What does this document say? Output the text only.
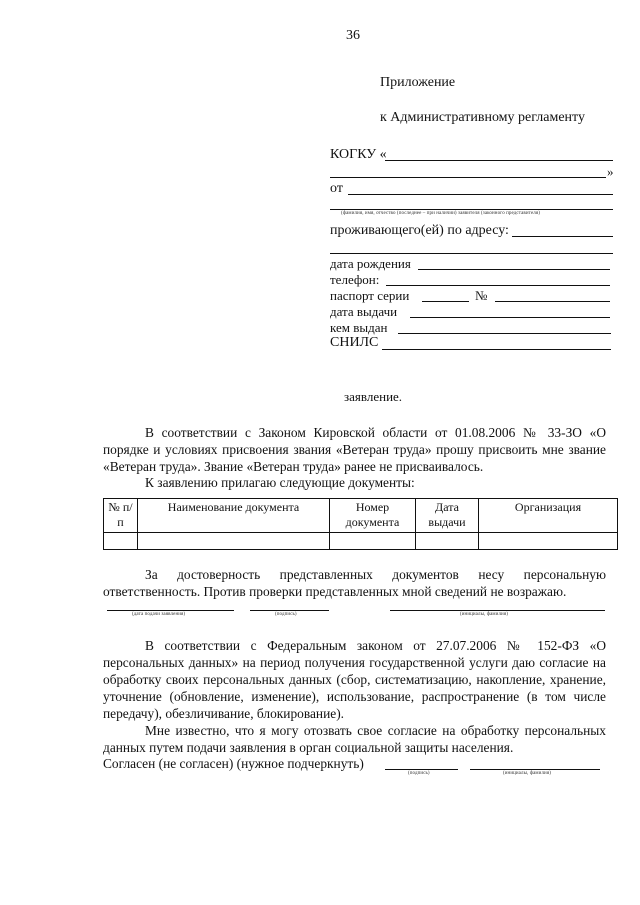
36
Приложение
к Административному регламенту
КОГКУ «
»
от
(фамилия, имя, отчество (последнее – при наличии) заявителя (законного представителя)
проживающего(ей) по адресу:
дата рождения
телефон:
паспорт серии	№
дата выдачи
кем выдан
СНИЛС
заявление.
В соответствии с Законом Кировской области от 01.08.2006 № 33-ЗО «О порядке и условиях присвоения звания «Ветеран труда» прошу присвоить мне звание «Ветеран труда». Звание «Ветеран труда» ранее не присваивалось.
К заявлению прилагаю следующие документы:
№ п/п	Наименование документа	Номер документа	Дата выдачи	Организация

За достоверность представленных документов несу персональную ответственность. Против проверки представленных мной сведений не возражаю.
(дата подачи заявления)	(подпись)	(инициалы, фамилия)
В соответствии с Федеральным законом от 27.07.2006 № 152-ФЗ «О персональных данных» на период получения государственной услуги даю согласие на обработку своих персональных данных (сбор, систематизацию, накопление, хранение, уточнение (обновление, изменение), использование, распространение (в том числе передачу), обезличивание, блокирование).
Мне известно, что я могу отозвать свое согласие на обработку персональных данных путем подачи заявления в орган социальной защиты населения.
Согласен (не согласен) (нужное подчеркнуть)
(подпись)	(инициалы, фамилия)
